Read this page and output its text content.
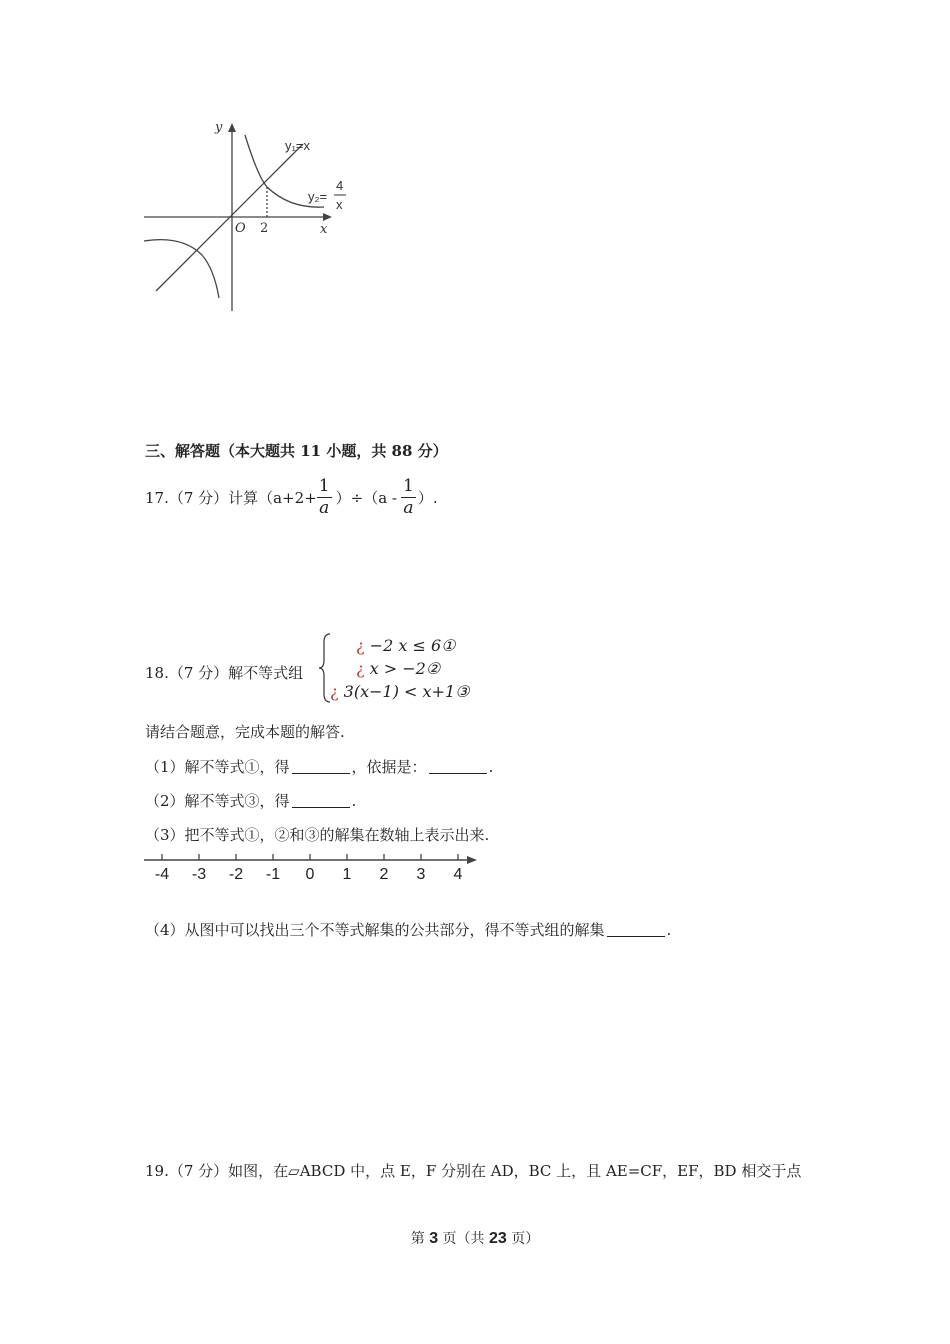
y
x
O 2
y₁=x
y₂=
4
x
三、解答题（本大题共 11 小题，共 88 分）
17.（7 分）计算$(a+2+ \frac{1}{a} )\div(a - \frac{1}{a}$ ）.
18.（7 分）解不等式组
¿ −2 x ≤ 6①
¿ x > −2②
¿ 3(x−1) < x+1③
请结合题意，完成本题的解答.
（1）解不等式①，得	，依据是：	.
（2）解不等式③，得	.
（3）把不等式①，②和③的解集在数轴上表示出来.
-4 -3 -2 -1 0 1 2 3 4
（4）从图中可以找出三个不等式解集的公共部分，得不等式组的解集	.
19.（7 分）如图，在▱ABCD 中，点 E，F 分别在 AD，BC 上，且 AE=CF，EF，BD 相交于点
第 3 页（共 23 页）
